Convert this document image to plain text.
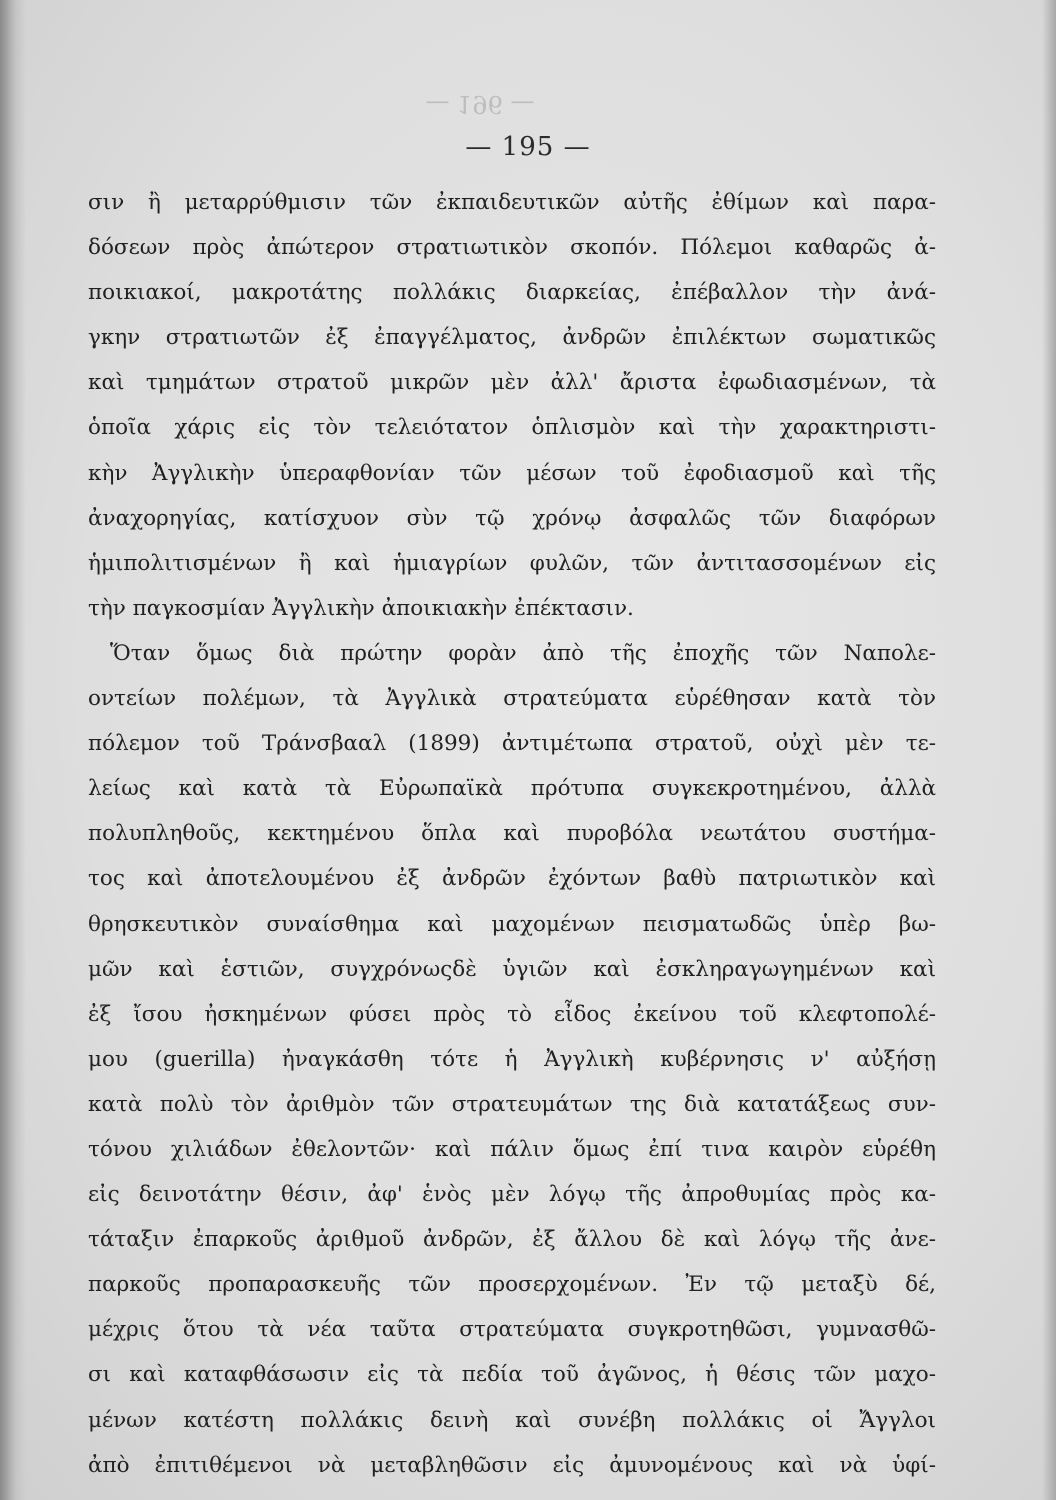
— 196 —
— 195 —
σιν ἢ μεταρρύθμισιν τῶν ἐκπαιδευτικῶν αὐτῆς ἐθίμων καὶ παρα-
δόσεων πρὸς ἀπώτερον στρατιωτικὸν σκοπόν. Πόλεμοι καθαρῶς ἀ-
ποικιακοί, μακροτάτης πολλάκις διαρκείας, ἐπέβαλλον τὴν ἀνά-
γκην στρατιωτῶν ἐξ ἐπαγγέλματος, ἀνδρῶν ἐπιλέκτων σωματικῶς
καὶ τμημάτων στρατοῦ μικρῶν μὲν ἀλλ' ἄριστα ἐφωδιασμένων, τὰ
ὁποῖα χάρις εἰς τὸν τελειότατον ὁπλισμὸν καὶ τὴν χαρακτηριστι-
κὴν Ἀγγλικὴν ὑπεραφθονίαν τῶν μέσων τοῦ ἐφοδιασμοῦ καὶ τῆς
ἀναχορηγίας, κατίσχυον σὺν τῷ χρόνῳ ἀσφαλῶς τῶν διαφόρων
ἡμιπολιτισμένων ἢ καὶ ἡμιαγρίων φυλῶν, τῶν ἀντιτασσομένων εἰς
τὴν παγκοσμίαν Ἀγγλικὴν ἀποικιακὴν ἐπέκτασιν.
Ὅταν ὅμως διὰ πρώτην φορὰν ἀπὸ τῆς ἐποχῆς τῶν Ναπολε-
οντείων πολέμων, τὰ Ἀγγλικὰ στρατεύματα εὑρέθησαν κατὰ τὸν
πόλεμον τοῦ Τράνσβααλ (1899) ἀντιμέτωπα στρατοῦ, οὐχὶ μὲν τε-
λείως καὶ κατὰ τὰ Εὐρωπαϊκὰ πρότυπα συγκεκροτημένου, ἀλλὰ
πολυπληθοῦς, κεκτημένου ὅπλα καὶ πυροβόλα νεωτάτου συστήμα-
τος καὶ ἀποτελουμένου ἐξ ἀνδρῶν ἐχόντων βαθὺ πατριωτικὸν καὶ
θρησκευτικὸν συναίσθημα καὶ μαχομένων πεισματωδῶς ὑπὲρ βω-
μῶν καὶ ἑστιῶν, συγχρόνωςδὲ ὑγιῶν καὶ ἐσκληραγωγημένων καὶ
ἐξ ἴσου ἠσκημένων φύσει πρὸς τὸ εἶδος ἐκείνου τοῦ κλεφτοπολέ-
μου (guerilla) ἠναγκάσθη τότε ἡ Ἀγγλικὴ κυβέρνησις ν' αὐξήσῃ
κατὰ πολὺ τὸν ἀριθμὸν τῶν στρατευμάτων της διὰ κατατάξεως συν-
τόνου χιλιάδων ἐθελοντῶν· καὶ πάλιν ὅμως ἐπί τινα καιρὸν εὑρέθη
εἰς δεινοτάτην θέσιν, ἀφ' ἑνὸς μὲν λόγῳ τῆς ἀπροθυμίας πρὸς κα-
τάταξιν ἐπαρκοῦς ἀριθμοῦ ἀνδρῶν, ἐξ ἄλλου δὲ καὶ λόγῳ τῆς ἀνε-
παρκοῦς προπαρασκευῆς τῶν προσερχομένων. Ἐν τῷ μεταξὺ δέ,
μέχρις ὅτου τὰ νέα ταῦτα στρατεύματα συγκροτηθῶσι, γυμνασθῶ-
σι καὶ καταφθάσωσιν εἰς τὰ πεδία τοῦ ἀγῶνος, ἡ θέσις τῶν μαχο-
μένων κατέστη πολλάκις δεινὴ καὶ συνέβη πολλάκις οἱ Ἄγγλοι
ἀπὸ ἐπιτιθέμενοι νὰ μεταβληθῶσιν εἰς ἀμυνομένους καὶ νὰ ὑφί-
